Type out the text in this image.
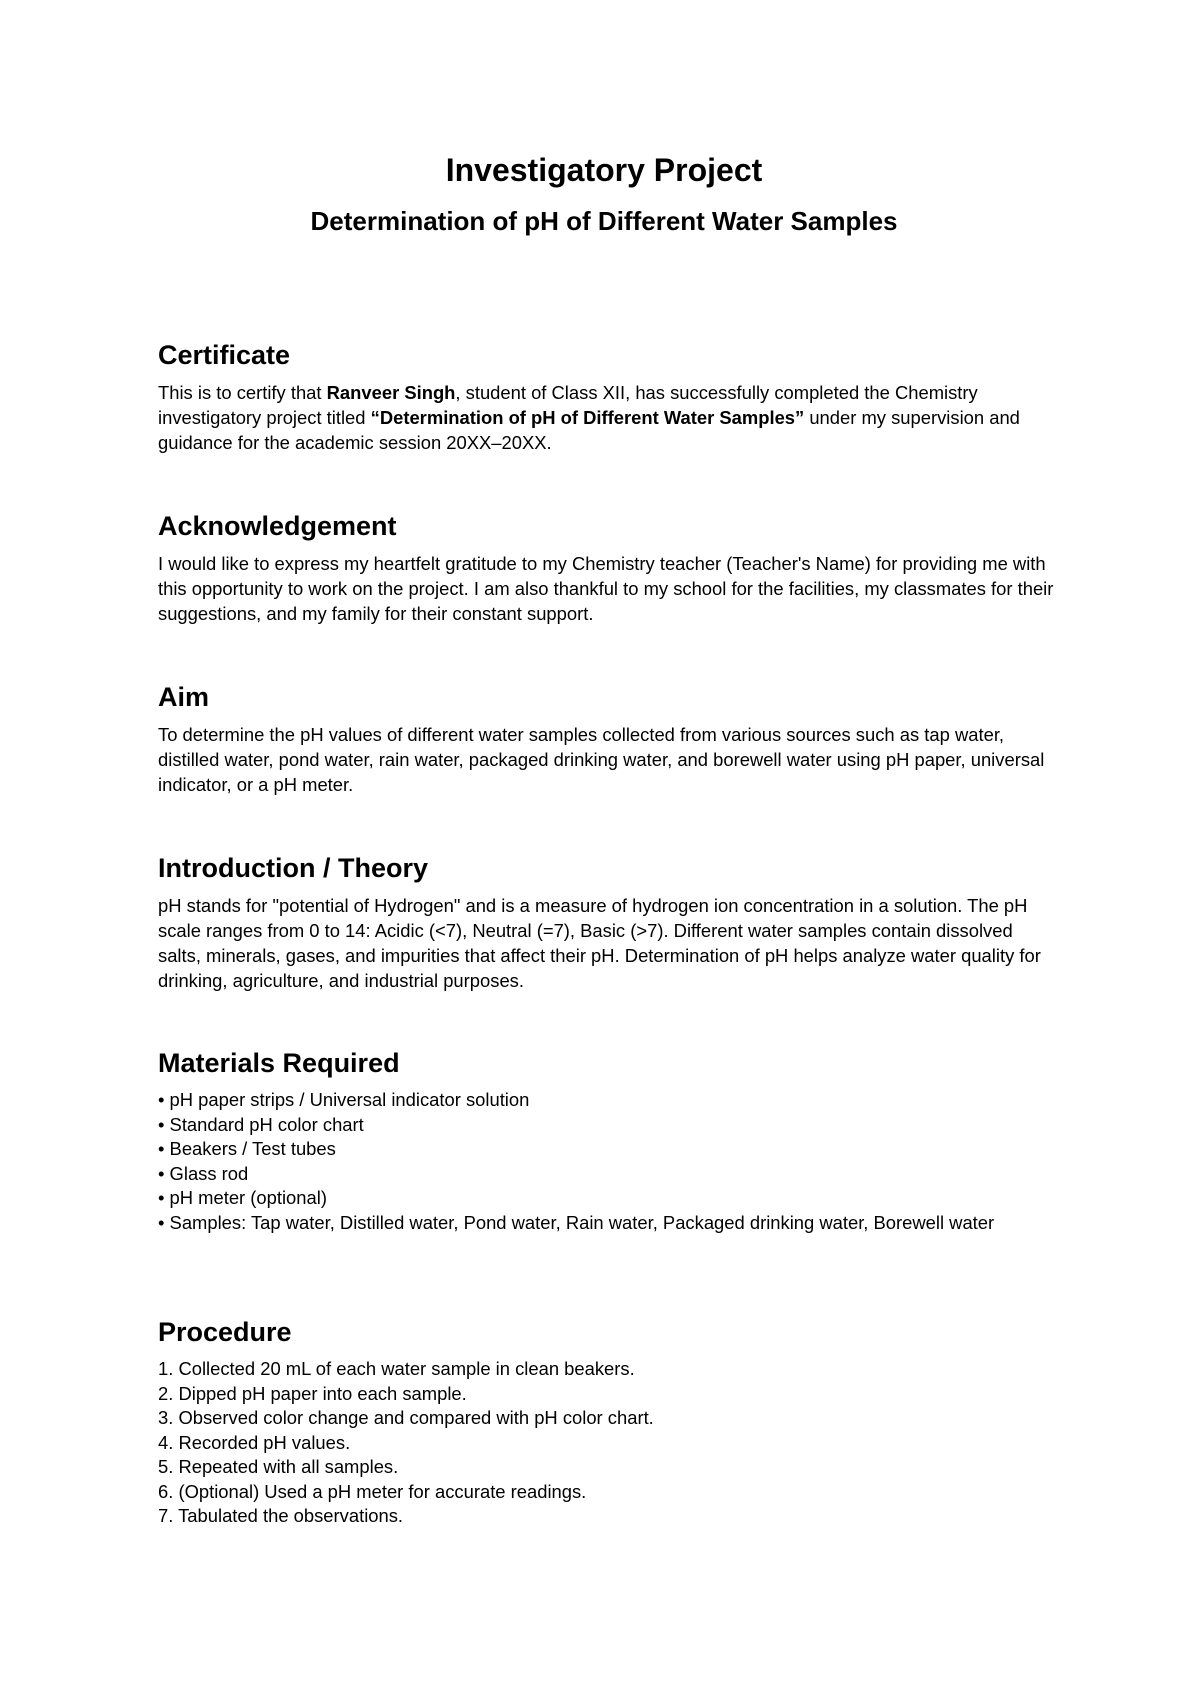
Investigatory Project
Determination of pH of Different Water Samples
Certificate

This is to certify that Ranveer Singh, student of Class XII, has successfully completed the Chemistry investigatory project titled “Determination of pH of Different Water Samples” under my supervision and guidance for the academic session 20XX–20XX.

Acknowledgement

I would like to express my heartfelt gratitude to my Chemistry teacher (Teacher's Name) for providing me with this opportunity to work on the project. I am also thankful to my school for the facilities, my classmates for their suggestions, and my family for their constant support.

Aim

To determine the pH values of different water samples collected from various sources such as tap water, distilled water, pond water, rain water, packaged drinking water, and borewell water using pH paper, universal indicator, or a pH meter.

Introduction / Theory

pH stands for "potential of Hydrogen" and is a measure of hydrogen ion concentration in a solution. The pH scale ranges from 0 to 14: Acidic (<7), Neutral (=7), Basic (>7). Different water samples contain dissolved salts, minerals, gases, and impurities that affect their pH. Determination of pH helps analyze water quality for drinking, agriculture, and industrial purposes.

Materials Required
• pH paper strips / Universal indicator solution
• Standard pH color chart
• Beakers / Test tubes
• Glass rod
• pH meter (optional)
• Samples: Tap water, Distilled water, Pond water, Rain water, Packaged drinking water, Borewell water
Procedure
1. Collected 20 mL of each water sample in clean beakers.
2. Dipped pH paper into each sample.
3. Observed color change and compared with pH color chart.
4. Recorded pH values.
5. Repeated with all samples.
6. (Optional) Used a pH meter for accurate readings.
7. Tabulated the observations.
